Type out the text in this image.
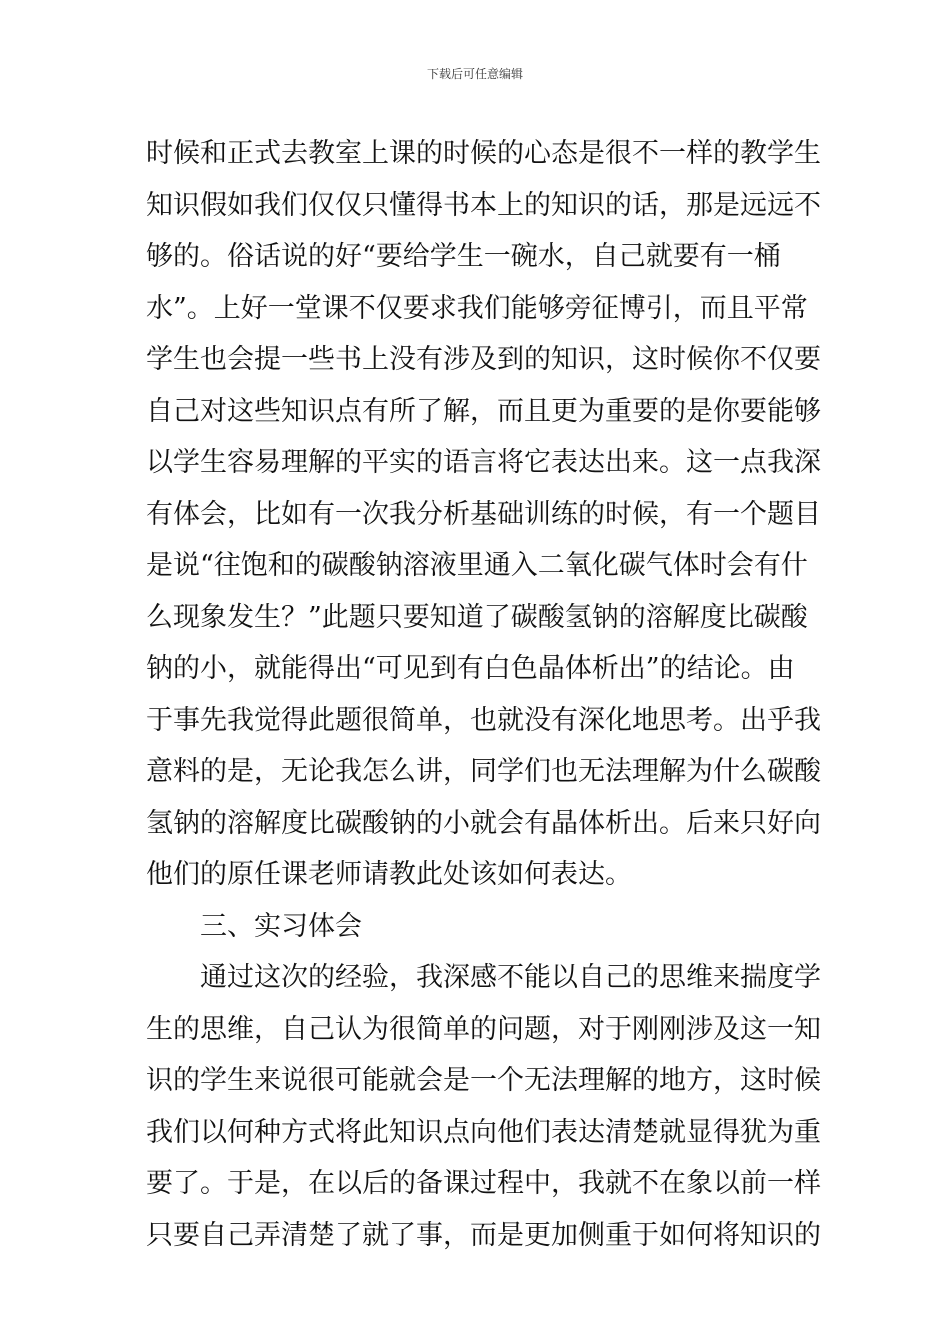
下载后可任意编辑
时候和正式去教室上课的时候的心态是很不一样的教学生
知识假如我们仅仅只懂得书本上的知识的话，那是远远不
够的。俗话说的好“要给学生一碗水，自己就要有一桶
水”。上好一堂课不仅要求我们能够旁征博引，而且平常
学生也会提一些书上没有涉及到的知识，这时候你不仅要
自己对这些知识点有所了解，而且更为重要的是你要能够
以学生容易理解的平实的语言将它表达出来。这一点我深
有体会，比如有一次我分析基础训练的时候，有一个题目
是说“往饱和的碳酸钠溶液里通入二氧化碳气体时会有什
么现象发生？”此题只要知道了碳酸氢钠的溶解度比碳酸
钠的小，就能得出“可见到有白色晶体析出”的结论。由
于事先我觉得此题很简单，也就没有深化地思考。出乎我
意料的是，无论我怎么讲，同学们也无法理解为什么碳酸
氢钠的溶解度比碳酸钠的小就会有晶体析出。后来只好向
他们的原任课老师请教此处该如何表达。
三、实习体会
通过这次的经验，我深感不能以自己的思维来揣度学
生的思维，自己认为很简单的问题，对于刚刚涉及这一知
识的学生来说很可能就会是一个无法理解的地方，这时候
我们以何种方式将此知识点向他们表达清楚就显得犹为重
要了。于是，在以后的备课过程中，我就不在象以前一样
只要自己弄清楚了就了事，而是更加侧重于如何将知识的
